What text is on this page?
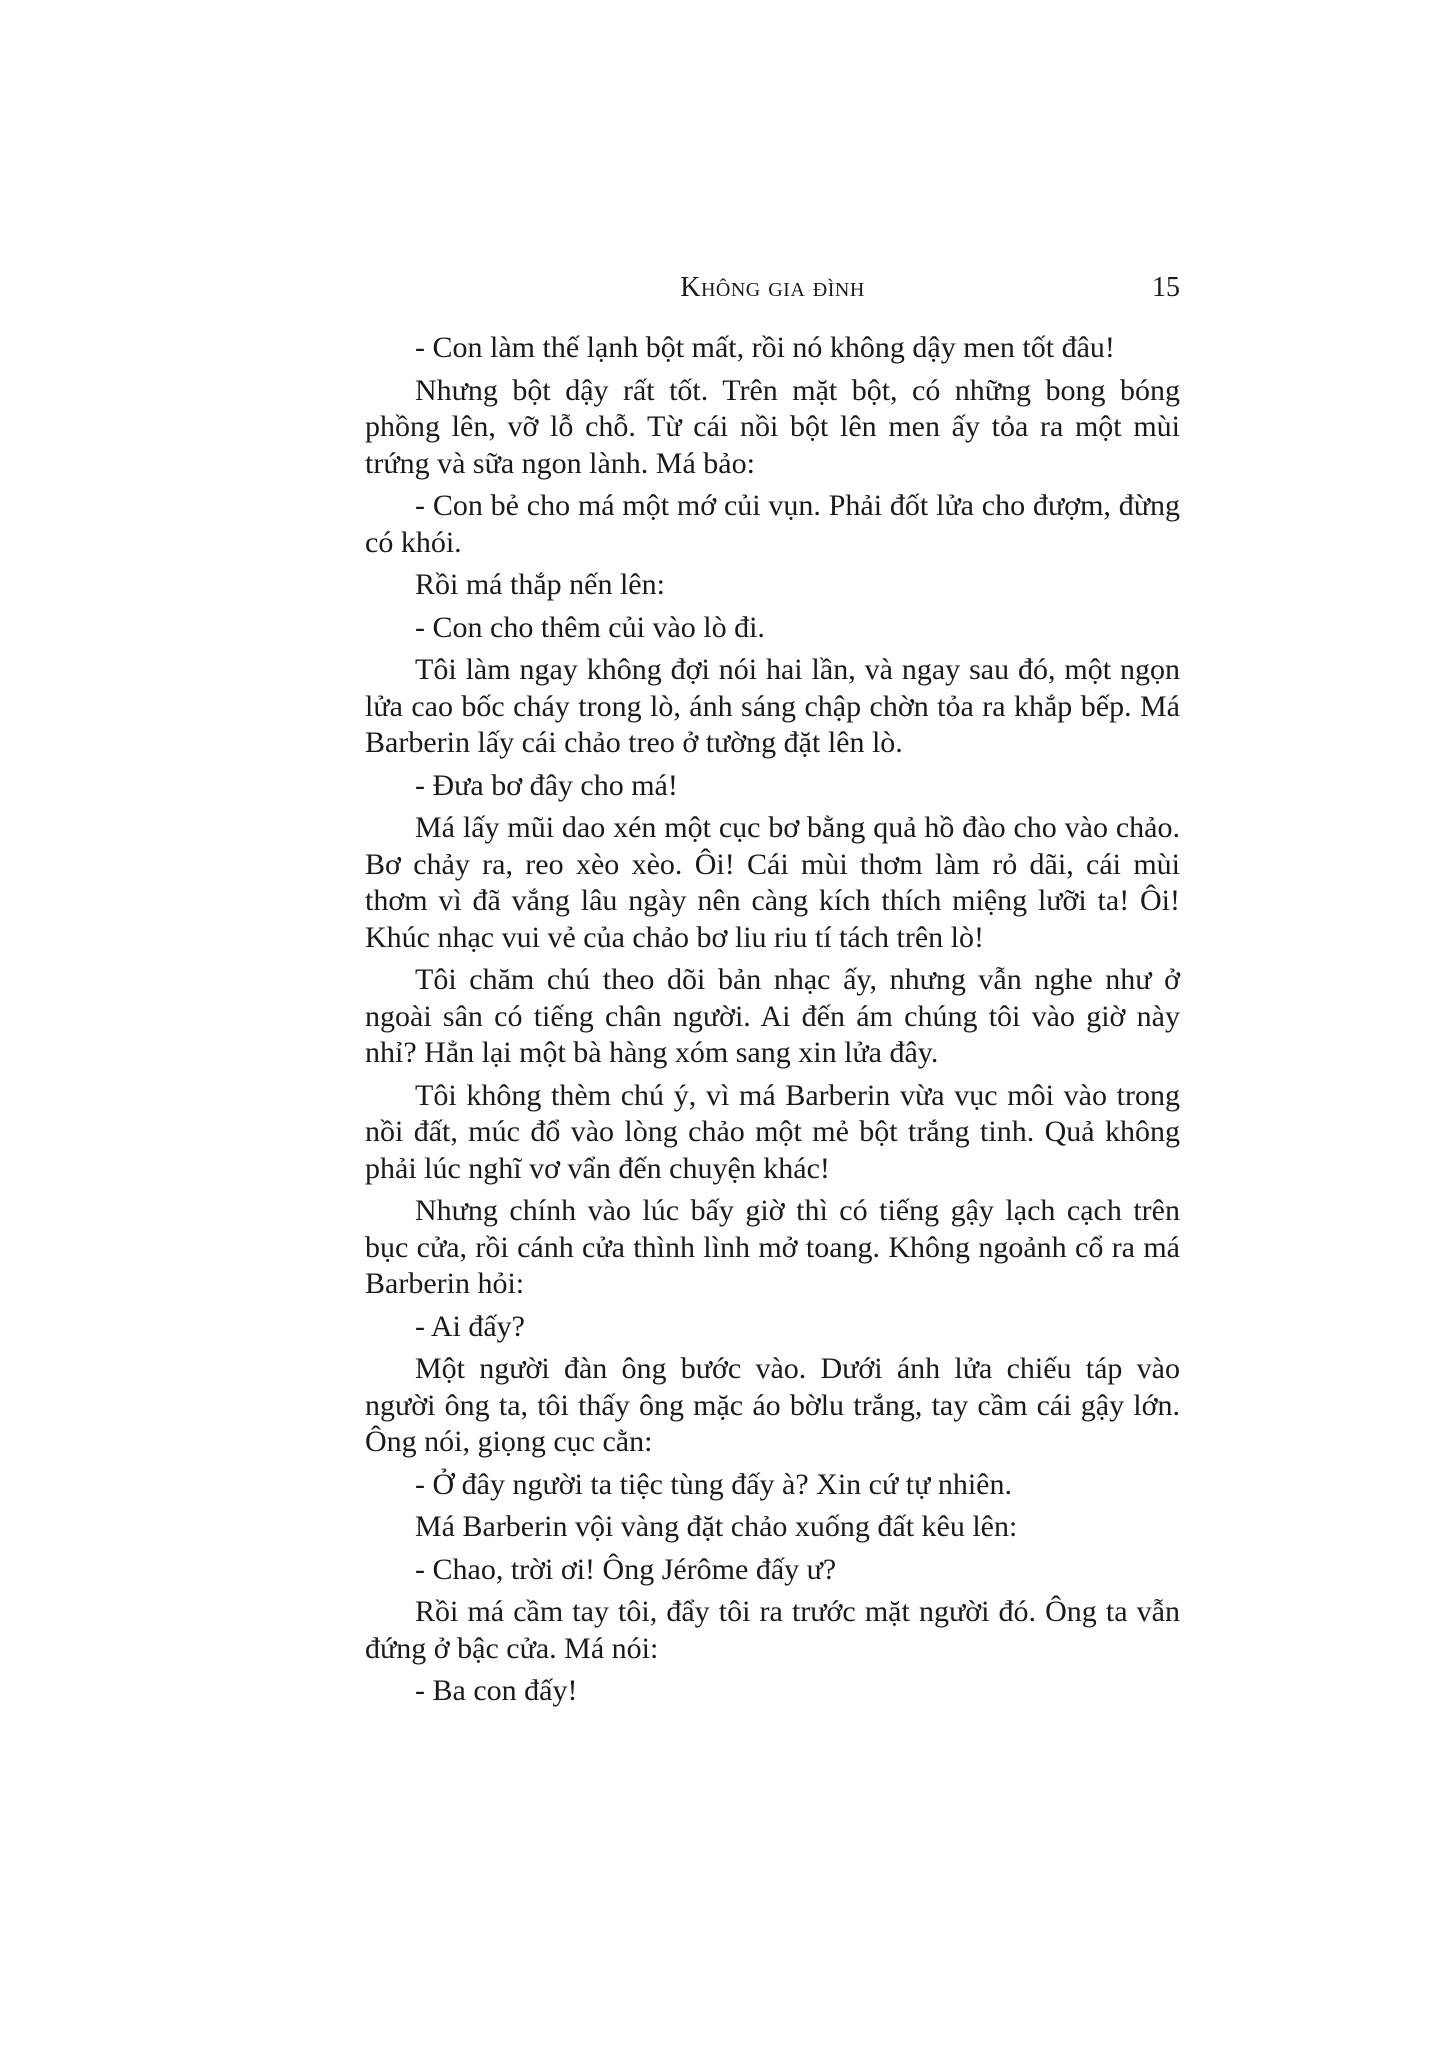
Không gia đình	15

- Con làm thế lạnh bột mất, rồi nó không dậy men tốt đâu!

Nhưng bột dậy rất tốt. Trên mặt bột, có những bong bóng phồng lên, vỡ lỗ chỗ. Từ cái nồi bột lên men ấy tỏa ra một mùi trứng và sữa ngon lành. Má bảo:

- Con bẻ cho má một mớ củi vụn. Phải đốt lửa cho đượm, đừng có khói.

Rồi má thắp nến lên:

- Con cho thêm củi vào lò đi.

Tôi làm ngay không đợi nói hai lần, và ngay sau đó, một ngọn lửa cao bốc cháy trong lò, ánh sáng chập chờn tỏa ra khắp bếp. Má Barberin lấy cái chảo treo ở tường đặt lên lò.

- Đưa bơ đây cho má!

Má lấy mũi dao xén một cục bơ bằng quả hồ đào cho vào chảo. Bơ chảy ra, reo xèo xèo. Ôi! Cái mùi thơm làm rỏ dãi, cái mùi thơm vì đã vắng lâu ngày nên càng kích thích miệng lưỡi ta! Ôi! Khúc nhạc vui vẻ của chảo bơ liu riu tí tách trên lò!

Tôi chăm chú theo dõi bản nhạc ấy, nhưng vẫn nghe như ở ngoài sân có tiếng chân người. Ai đến ám chúng tôi vào giờ này nhỉ? Hẳn lại một bà hàng xóm sang xin lửa đây.

Tôi không thèm chú ý, vì má Barberin vừa vục môi vào trong nồi đất, múc đổ vào lòng chảo một mẻ bột trắng tinh. Quả không phải lúc nghĩ vơ vẩn đến chuyện khác!

Nhưng chính vào lúc bấy giờ thì có tiếng gậy lạch cạch trên bục cửa, rồi cánh cửa thình lình mở toang. Không ngoảnh cổ ra má Barberin hỏi:

- Ai đấy?

Một người đàn ông bước vào. Dưới ánh lửa chiếu táp vào người ông ta, tôi thấy ông mặc áo bờlu trắng, tay cầm cái gậy lớn. Ông nói, giọng cục cằn:

- Ở đây người ta tiệc tùng đấy à? Xin cứ tự nhiên.

Má Barberin vội vàng đặt chảo xuống đất kêu lên:

- Chao, trời ơi! Ông Jérôme đấy ư?

Rồi má cầm tay tôi, đẩy tôi ra trước mặt người đó. Ông ta vẫn đứng ở bậc cửa. Má nói:

- Ba con đấy!
